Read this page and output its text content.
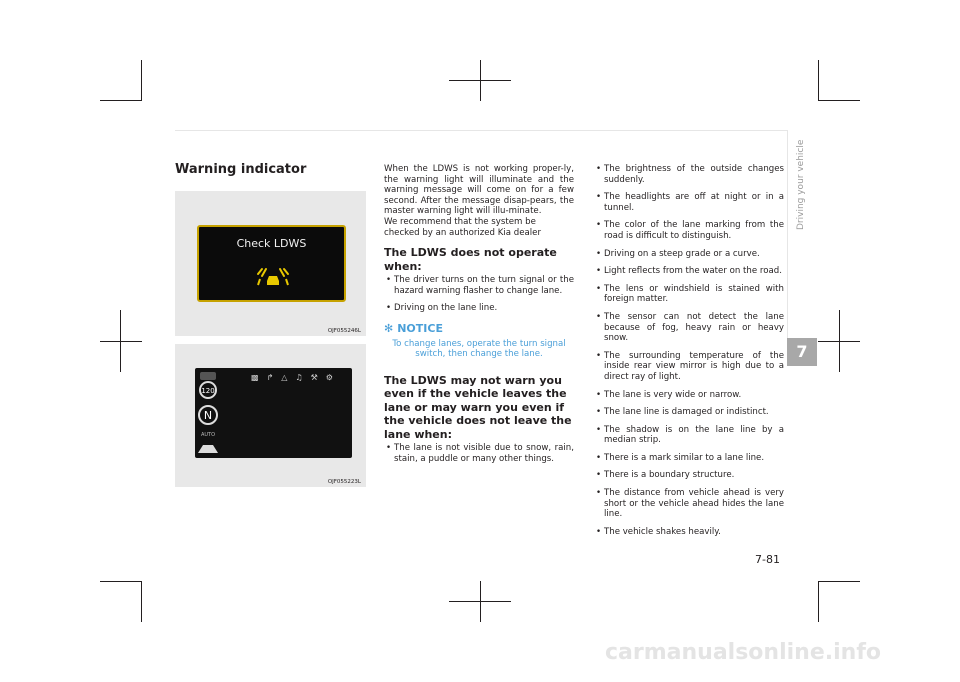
Warning indicator
Check LDWS
OJF055246L
▩ ↱ △ ♫ ⚒ ⚙
120
N
AUTO
OJF055223L

When the LDWS is not working proper-ly, the warning light will illuminate and the warning message will come on for a few second. After the message disap-pears, the master warning light will illu-minate.

We recommend that the system be checked by an authorized Kia dealer

The LDWS does not operate when:
• The driver turns on the turn signal or the hazard warning flasher to change lane.
• Driving on the lane line.
✻ NOTICE
To change lanes, operate the turn signal switch, then change the lane.
The LDWS may not warn you even if the vehicle leaves the lane or may warn you even if the vehicle does not leave the lane when:
• The lane is not visible due to snow, rain, stain, a puddle or many other things.
• The brightness of the outside changes suddenly.
• The headlights are off at night or in a tunnel.
• The color of the lane marking from the road is difficult to distinguish.
• Driving on a steep grade or a curve.
• Light reflects from the water on the road.
• The lens or windshield is stained with foreign matter.
• The sensor can not detect the lane because of fog, heavy rain or heavy snow.
• The surrounding temperature of the inside rear view mirror is high due to a direct ray of light.
• The lane is very wide or narrow.
• The lane line is damaged or indistinct.
• The shadow is on the lane line by a median strip.
• There is a mark similar to a lane line.
• There is a boundary structure.
• The distance from vehicle ahead is very short or the vehicle ahead hides the lane line.
• The vehicle shakes heavily.
Driving your vehicle
7
7-81
carmanualsonline.info
